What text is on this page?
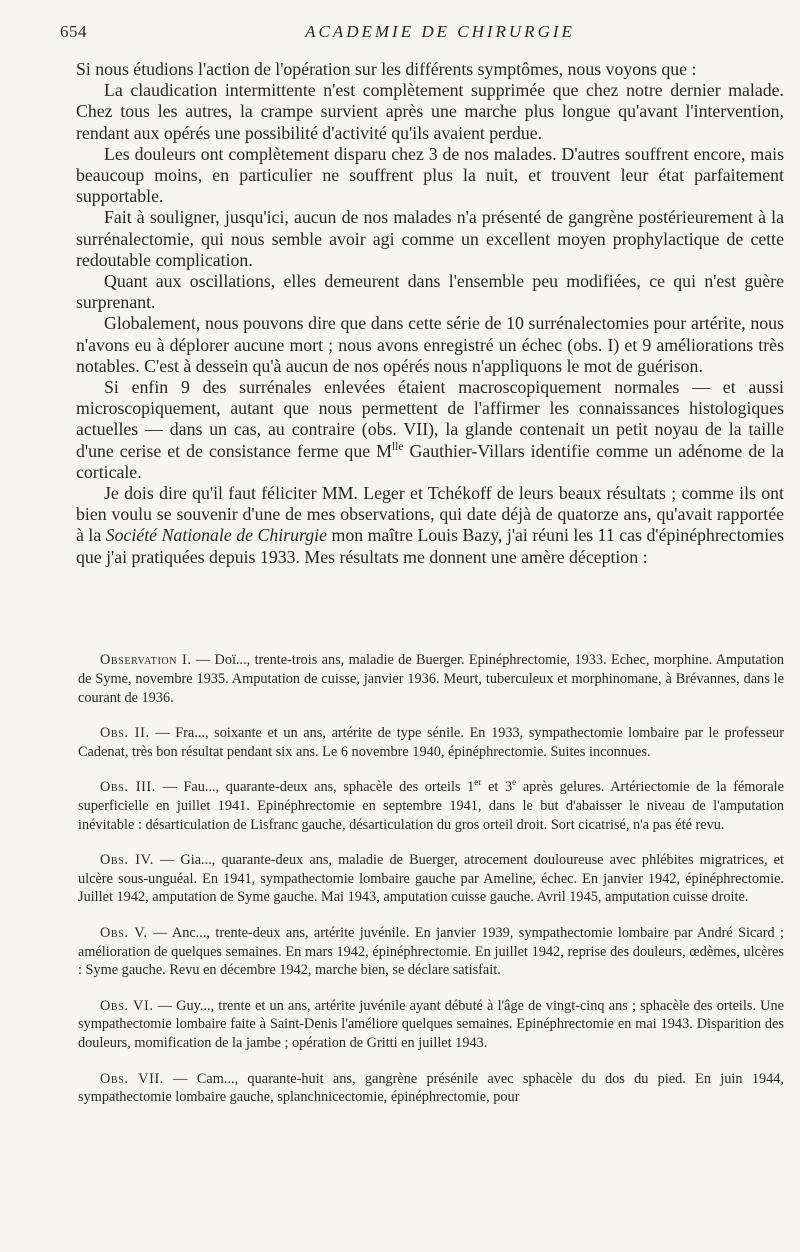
654	ACADEMIE DE CHIRURGIE

Si nous étudions l'action de l'opération sur les différents symptômes, nous voyons que :

La claudication intermittente n'est complètement supprimée que chez notre dernier malade. Chez tous les autres, la crampe survient après une marche plus longue qu'avant l'intervention, rendant aux opérés une possibilité d'activité qu'ils avaient perdue.

Les douleurs ont complètement disparu chez 3 de nos malades. D'autres souffrent encore, mais beaucoup moins, en particulier ne souffrent plus la nuit, et trouvent leur état parfaitement supportable.

Fait à souligner, jusqu'ici, aucun de nos malades n'a présenté de gangrène postérieurement à la surrénalectomie, qui nous semble avoir agi comme un excellent moyen prophylactique de cette redoutable complication.

Quant aux oscillations, elles demeurent dans l'ensemble peu modifiées, ce qui n'est guère surprenant.

Globalement, nous pouvons dire que dans cette série de 10 surrénalectomies pour artérite, nous n'avons eu à déplorer aucune mort ; nous avons enregistré un échec (obs. I) et 9 améliorations très notables. C'est à dessein qu'à aucun de nos opérés nous n'appliquons le mot de guérison.

Si enfin 9 des surrénales enlevées étaient macroscopiquement normales — et aussi microscopiquement, autant que nous permettent de l'affirmer les connaissances histologiques actuelles — dans un cas, au contraire (obs. VII), la glande contenait un petit noyau de la taille d'une cerise et de consistance ferme que $M^{lle}$ Gauthier-Villars identifie comme un adénome de la corticale.

Je dois dire qu'il faut féliciter MM. Leger et Tchékoff de leurs beaux résultats ; comme ils ont bien voulu se souvenir d'une de mes observations, qui date déjà de quatorze ans, qu'avait rapportée à la Société Nationale de Chirurgie mon maître Louis Bazy, j'ai réuni les 11 cas d'épinéphrectomies que j'ai pratiquées depuis 1933. Mes résultats me donnent une amère déception :

Observation I. — Doï..., trente-trois ans, maladie de Buerger. Epinéphrectomie, 1933. Echec, morphine. Amputation de Syme, novembre 1935. Amputation de cuisse, janvier 1936. Meurt, tuberculeux et morphinomane, à Brévannes, dans le courant de 1936.

Obs. II. — Fra..., soixante et un ans, artérite de type sénile. En 1933, sympathectomie lombaire par le professeur Cadenat, très bon résultat pendant six ans. Le 6 novembre 1940, épinéphrectomie. Suites inconnues.

Obs. III. — Fau..., quarante-deux ans, sphacèle des orteils 1er et 3e après gelures. Artériectomie de la fémorale superficielle en juillet 1941. Epinéphrectomie en septembre 1941, dans le but d'abaisser le niveau de l'amputation inévitable : désarticulation de Lisfranc gauche, désarticulation du gros orteil droit. Sort cicatrisé, n'a pas été revu.

Obs. IV. — Gia..., quarante-deux ans, maladie de Buerger, atrocement douloureuse avec phlébites migratrices, et ulcère sous-unguéal. En 1941, sympathectomie lombaire gauche par Ameline, échec. En janvier 1942, épinéphrectomie. Juillet 1942, amputation de Syme gauche. Mai 1943, amputation cuisse gauche. Avril 1945, amputation cuisse droite.

Obs. V. — Anc..., trente-deux ans, artérite juvénile. En janvier 1939, sympathectomie lombaire par André Sicard ; amélioration de quelques semaines. En mars 1942, épinéphrectomie. En juillet 1942, reprise des douleurs, œdèmes, ulcères : Syme gauche. Revu en décembre 1942, marche bien, se déclare satisfait.

Obs. VI. — Guy..., trente et un ans, artérite juvénile ayant débuté à l'âge de vingt-cinq ans ; sphacèle des orteils. Une sympathectomie lombaire faite à Saint-Denis l'améliore quelques semaines. Epinéphrectomie en mai 1943. Disparition des douleurs, momification de la jambe ; opération de Gritti en juillet 1943.

Obs. VII. — Cam..., quarante-huit ans, gangrène présénile avec sphacèle du dos du pied. En juin 1944, sympathectomie lombaire gauche, splanchnicectomie, épinéphrectomie, pour
